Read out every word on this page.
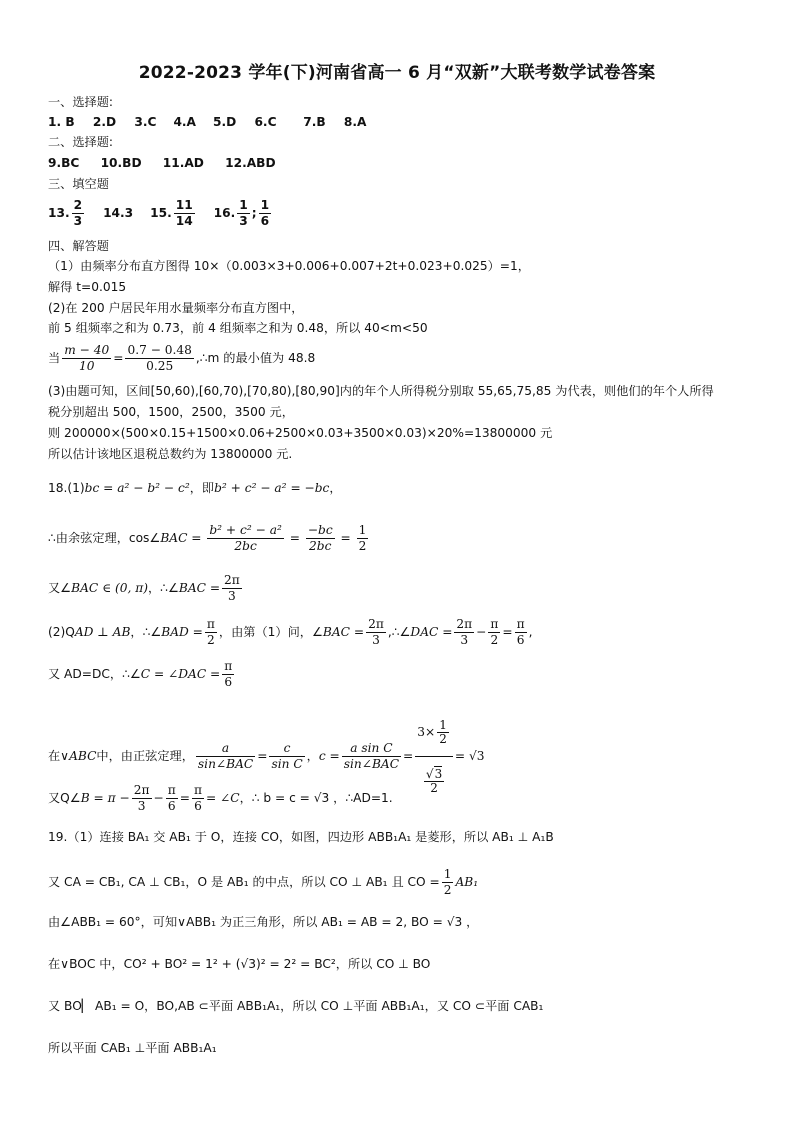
2022-2023 学年(下)河南省高一 6 月“双新”大联考数学试卷答案
一、选择题:
1. B 2.D 3.C 4.A 5.D 6.C 7.B 8.A
二、选择题:
9.BC 10.BD 11.AD 12.ABD
三、填空题
13. $\frac{2}{3} 14.3$ 15. $\frac{11}{14} 16$. $\frac{1}{3}$ ; $\frac{1}{6}$
四、解答题
（1）由频率分布直方图得 10×（0.003×3+0.006+0.007+2t+0.023+0.025）=1，
解得 t=0.015
(2)在 200 户居民年用水量频率分布直方图中，
前 5 组频率之和为 0.73，前 4 组频率之和为 0.48，所以 40<m<50
当 $\frac{m - 40}{10} = \frac{0.7 - 0.48}{0.25}$ ,∴m 的最小值为 48.8
(3)由题可知，区间[50,60),[60,70),[70,80),[80,90]内的年个人所得税分别取 55,65,75,85 为代表，则他们的年个人所得
税分别超出 500，1500，2500，3500 元，
则 200000×(500×0.15+1500×0.06+2500×0.03+3500×0.03)×20%=13800000 元
所以估计该地区退税总数约为 13800000 元.
18.(1)bc = a² − b² − c²，即b² + c² − a² = −bc，
∴由余弦定理，cos∠BAC = $\frac{\text{b² + c² − a²}}{2bc} = \frac{-bc}{2bc} = \frac{1}{2}$
又∠BAC ∈ (0, π)，∴∠BAC = $\frac{2\pi}{3}$
(2)QAD ⊥ AB，∴∠BAD = $\frac{\pi}{2}$ ，由第（1）问，∠BAC = $\frac{2\pi}{3}$ ,∴∠DAC = $\frac{2\pi}{3} - \frac{\pi}{2} = \frac{\pi}{6}$ ,
又 AD=DC，∴∠C = ∠DAC = $\frac{\pi}{6}$
在∨ABC中，由正弦定理， $\frac{a}{\text{sin∠BAC}} = \frac{c}{\text{sin C}}$ ，$c = \frac{\text{a sin C}}{\text{sin∠BAC}} = \frac{3\times \frac{1}{2}}{\frac{√3}{2}} = √3$
又Q∠B = $\pi - \frac{2\pi}{3} - \frac{\pi}{6} = \frac{\pi}{6}$ = ∠C，∴ b = c = √3 ，∴AD=1.
19.（1）连接 BA₁ 交 AB₁ 于 O，连接 CO，如图，四边形 ABB₁A₁ 是菱形，所以 AB₁ ⊥ A₁B
又 CA = CB₁, CA ⊥ CB₁，O 是 AB₁ 的中点，所以 CO ⊥ AB₁ 且 CO = $\frac{1}{2} AB_1$
由∠ABB₁ = 60°，可知∨ABB₁ 为正三角形，所以 AB₁ = AB = 2, BO = √3 ，
在∨BOC 中，CO² + BO² = 1² + (√3)² = 2² = BC²，所以 CO ⊥ BO
又 BO▏ AB₁ = O，BO,AB ⊂平面 ABB₁A₁，所以 CO ⊥平面 ABB₁A₁，又 CO ⊂平面 CAB₁
所以平面 CAB₁ ⊥平面 ABB₁A₁
